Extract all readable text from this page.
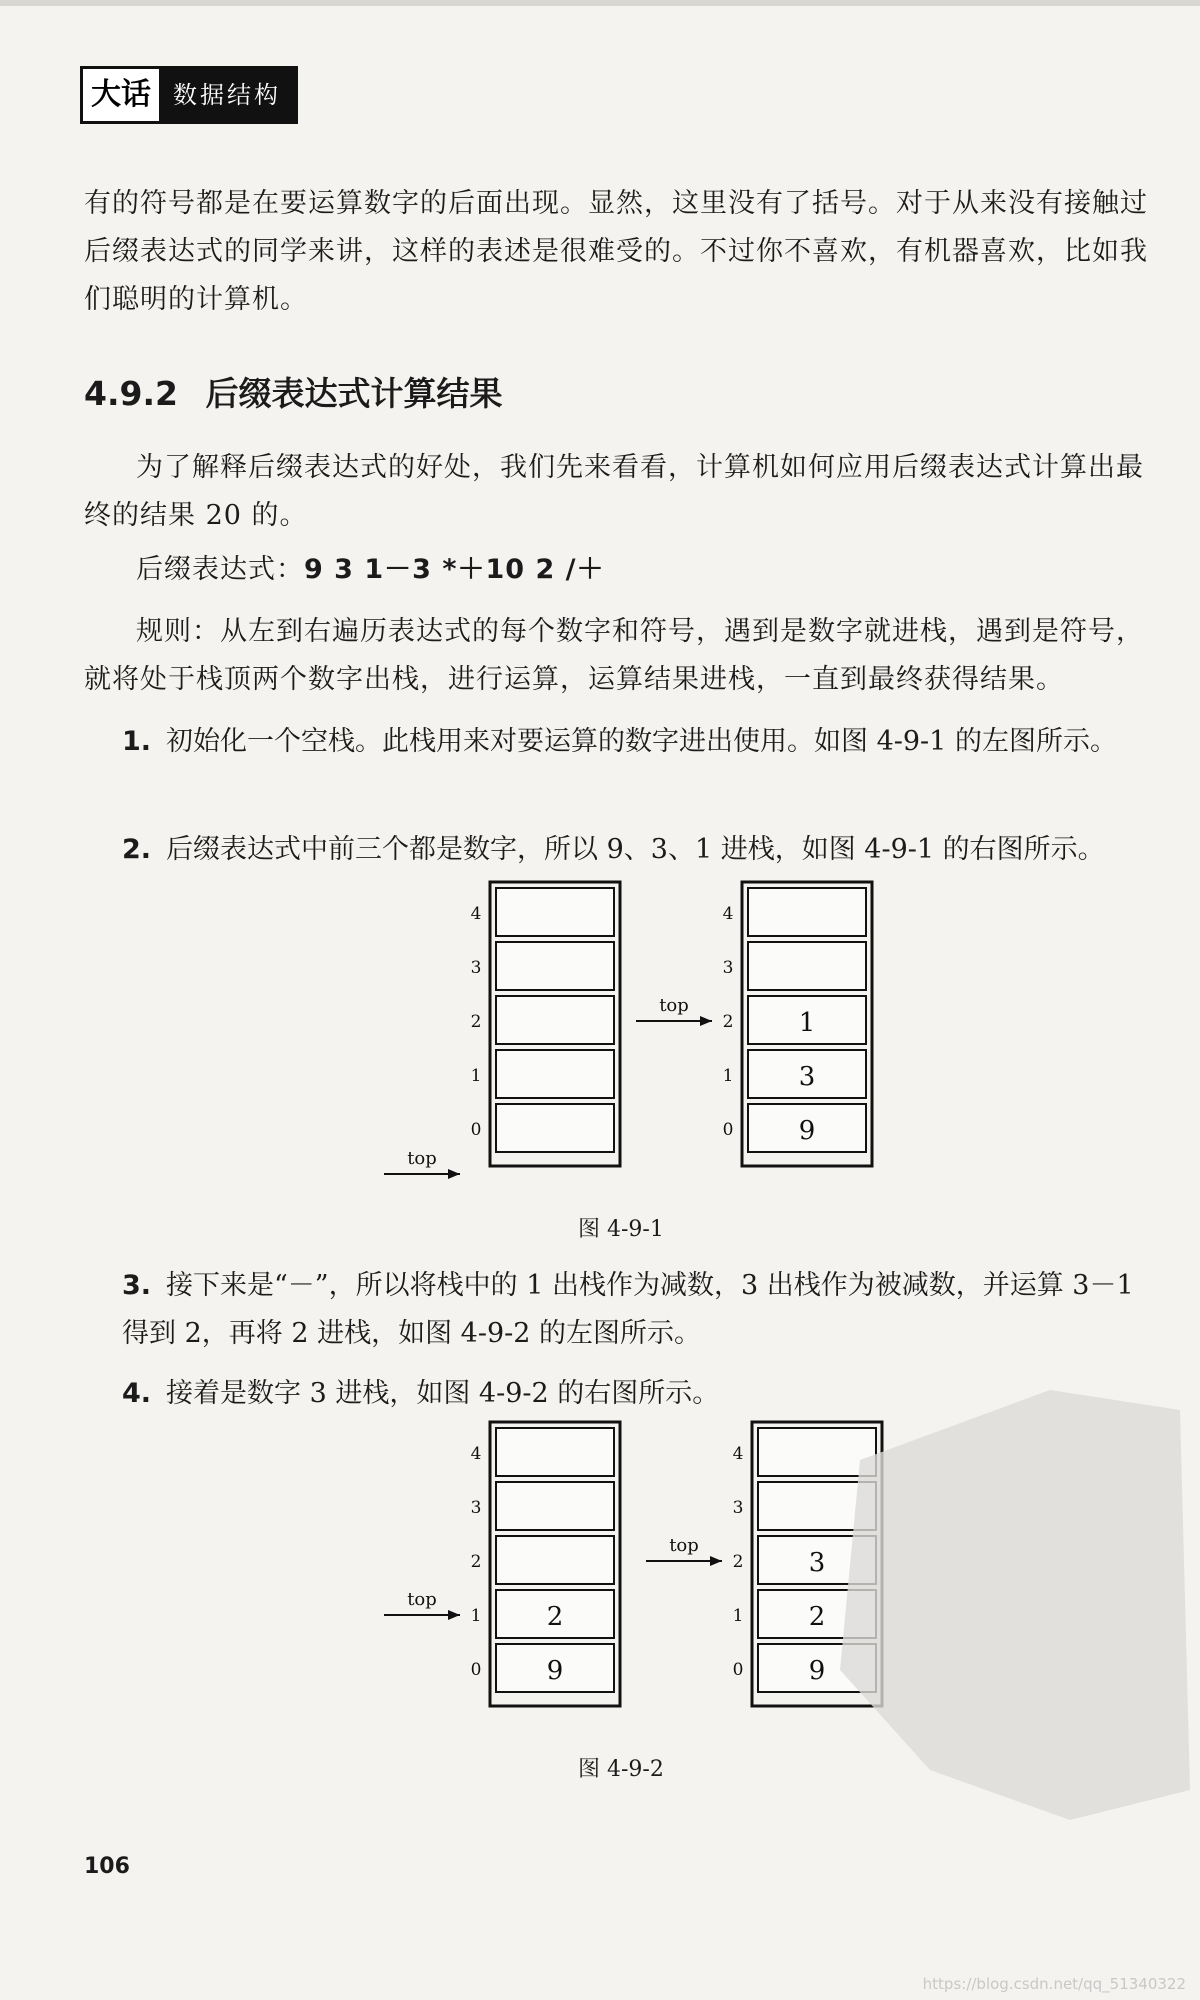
大话 数据结构
有的符号都是在要运算数字的后面出现。显然，这里没有了括号。对于从来没有接触过后缀表达式的同学来讲，这样的表述是很难受的。不过你不喜欢，有机器喜欢，比如我们聪明的计算机。
4.9.2 后缀表达式计算结果
为了解释后缀表达式的好处，我们先来看看，计算机如何应用后缀表达式计算出最终的结果 20 的。
后缀表达式：9 3 1－3 *＋10 2 /＋
规则：从左到右遍历表达式的每个数字和符号，遇到是数字就进栈，遇到是符号，就将处于栈顶两个数字出栈，进行运算，运算结果进栈，一直到最终获得结果。
1. 初始化一个空栈。此栈用来对要运算的数字进出使用。如图 4-9-1 的左图所示。
2. 后缀表达式中前三个都是数字，所以 9、3、1 进栈，如图 4-9-1 的右图所示。
4
3
2
1
0
top
4
3
2	1
1	3
0	9
top
图 4-9-1
3. 接下来是“－”，所以将栈中的 1 出栈作为减数，3 出栈作为被减数，并运算 3－1 得到 2，再将 2 进栈，如图 4-9-2 的左图所示。
4. 接着是数字 3 进栈，如图 4-9-2 的右图所示。
4
3
2
1	2
0	9
top
4
3
2	3
1	2
0	9
top
图 4-9-2
106
https://blog.csdn.net/qq_51340322
